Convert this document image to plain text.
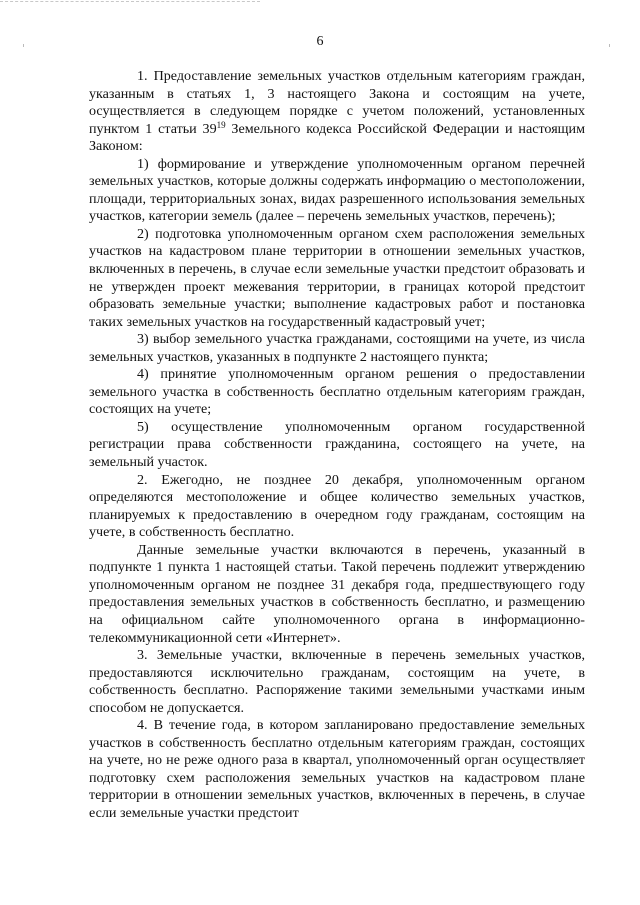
6

1. Предоставление земельных участков отдельным категориям граждан, указанным в статьях 1, 3 настоящего Закона и состоящим на учете, осуществляется в следующем порядке с учетом положений, установленных пунктом 1 статьи $39^{19}$ Земельного кодекса Российской Федерации и настоящим Законом:

1) формирование и утверждение уполномоченным органом перечней земельных участков, которые должны содержать информацию о местоположении, площади, территориальных зонах, видах разрешенного использования земельных участков, категории земель (далее – перечень земельных участков, перечень);

2) подготовка уполномоченным органом схем расположения земельных участков на кадастровом плане территории в отношении земельных участков, включенных в перечень, в случае если земельные участки предстоит образовать и не утвержден проект межевания территории, в границах которой предстоит образовать земельные участки; выполнение кадастровых работ и постановка таких земельных участков на государственный кадастровый учет;

3) выбор земельного участка гражданами, состоящими на учете, из числа земельных участков, указанных в подпункте 2 настоящего пункта;

4) принятие уполномоченным органом решения о предоставлении земельного участка в собственность бесплатно отдельным категориям граждан, состоящих на учете;

5) осуществление уполномоченным органом государственной регистрации права собственности гражданина, состоящего на учете, на земельный участок.

2. Ежегодно, не позднее 20 декабря, уполномоченным органом определяются местоположение и общее количество земельных участков, планируемых к предоставлению в очередном году гражданам, состоящим на учете, в собственность бесплатно.

Данные земельные участки включаются в перечень, указанный в подпункте 1 пункта 1 настоящей статьи. Такой перечень подлежит утверждению уполномоченным органом не позднее 31 декабря года, предшествующего году предоставления земельных участков в собственность бесплатно, и размещению на официальном сайте уполномоченного органа в информационно-телекоммуникационной сети «Интернет».

3. Земельные участки, включенные в перечень земельных участков, предоставляются исключительно гражданам, состоящим на учете, в собственность бесплатно. Распоряжение такими земельными участками иным способом не допускается.

4. В течение года, в котором запланировано предоставление земельных участков в собственность бесплатно отдельным категориям граждан, состоящих на учете, но не реже одного раза в квартал, уполномоченный орган осуществляет подготовку схем расположения земельных участков на кадастровом плане территории в отношении земельных участков, включенных в перечень, в случае если земельные участки предстоит
